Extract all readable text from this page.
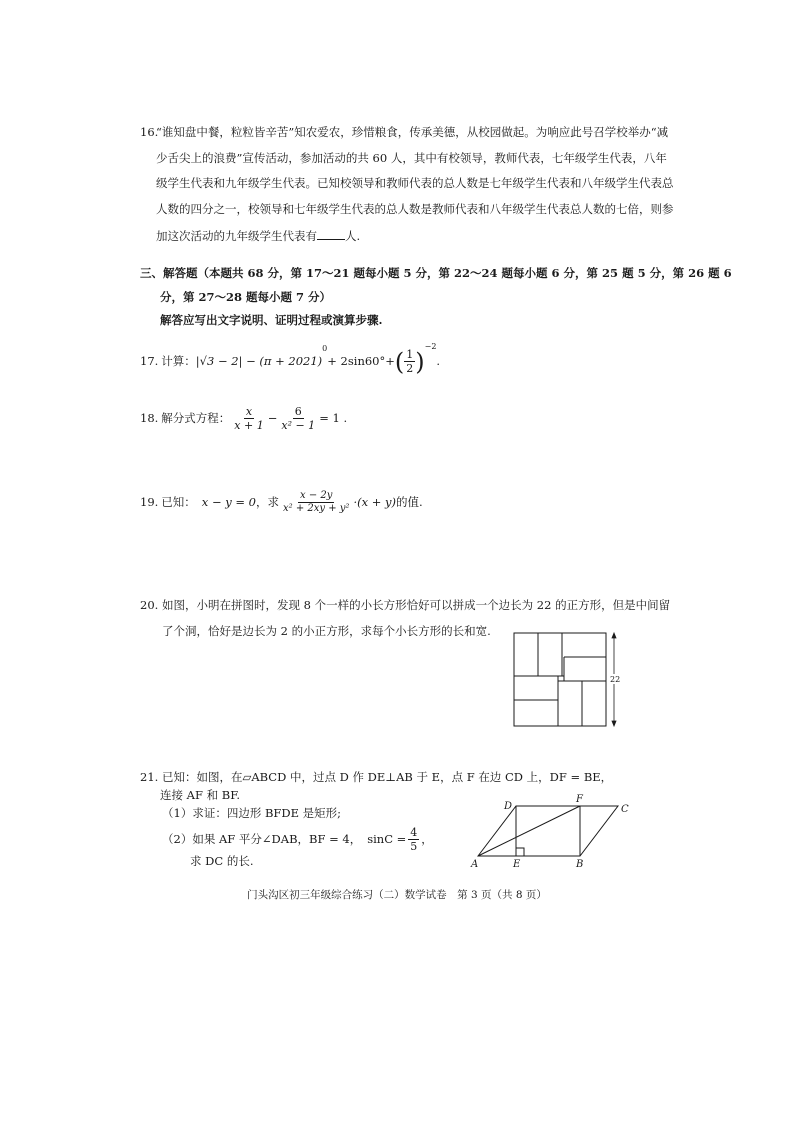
16.
“谁知盘中餐，粒粒皆辛苦”知农爱农，珍惜粮食，传承美德，从校园做起。为响应此号召学校举办“减
少舌尖上的浪费”宣传活动，参加活动的共 60 人，其中有校领导，教师代表，七年级学生代表，八年
级学生代表和九年级学生代表。已知校领导和教师代表的总人数是七年级学生代表和八年级学生代表总
人数的四分之一，校领导和七年级学生代表的总人数是教师代表和八年级学生代表总人数的七倍，则参
加这次活动的九年级学生代表有 人.
三、解答题（本题共 68 分，第 17～21 题每小题 5 分，第 22～24 题每小题 6 分，第 25 题 5 分，第 26 题 6
分，第 27～28 题每小题 7 分）
解答应写出文字说明、证明过程或演算步骤.
17. 计算： |√3 − 2| − (π + 2021)
0
+ 2sin60° + ( $\frac{1}{2}$ )
$^{-2}$
.
18. 解分式方程： $\frac{x}{x + 1} - \frac{6}{\text{x² − 1}} = 1$ .
19. 已知： x − y = 0 ，求 $\frac{x - 2y}{\text{x² + 2xy + y²}} \cdot(x + y)$ 的值.
20. 如图，小明在拼图时，发现 8 个一样的小长方形恰好可以拼成一个边长为 22 的正方形，但是中间留
了个洞，恰好是边长为 2 的小正方形，求每个小长方形的长和宽.
22
21. 已知：如图，在▱ABCD 中，过点 D 作 DE⊥AB 于 E，点 F 在边 CD 上，DF = BE，
连接 AF 和 BF.
（1）求证：四边形 BFDE 是矩形;
（2）如果 AF 平分∠DAB，BF = 4， $\sin C = \frac{4}{5}$ ，
求 DC 的长.	A	B
C
D
E
F
门头沟区初三年级综合练习（二）数学试卷　第 3 页（共 8 页）
